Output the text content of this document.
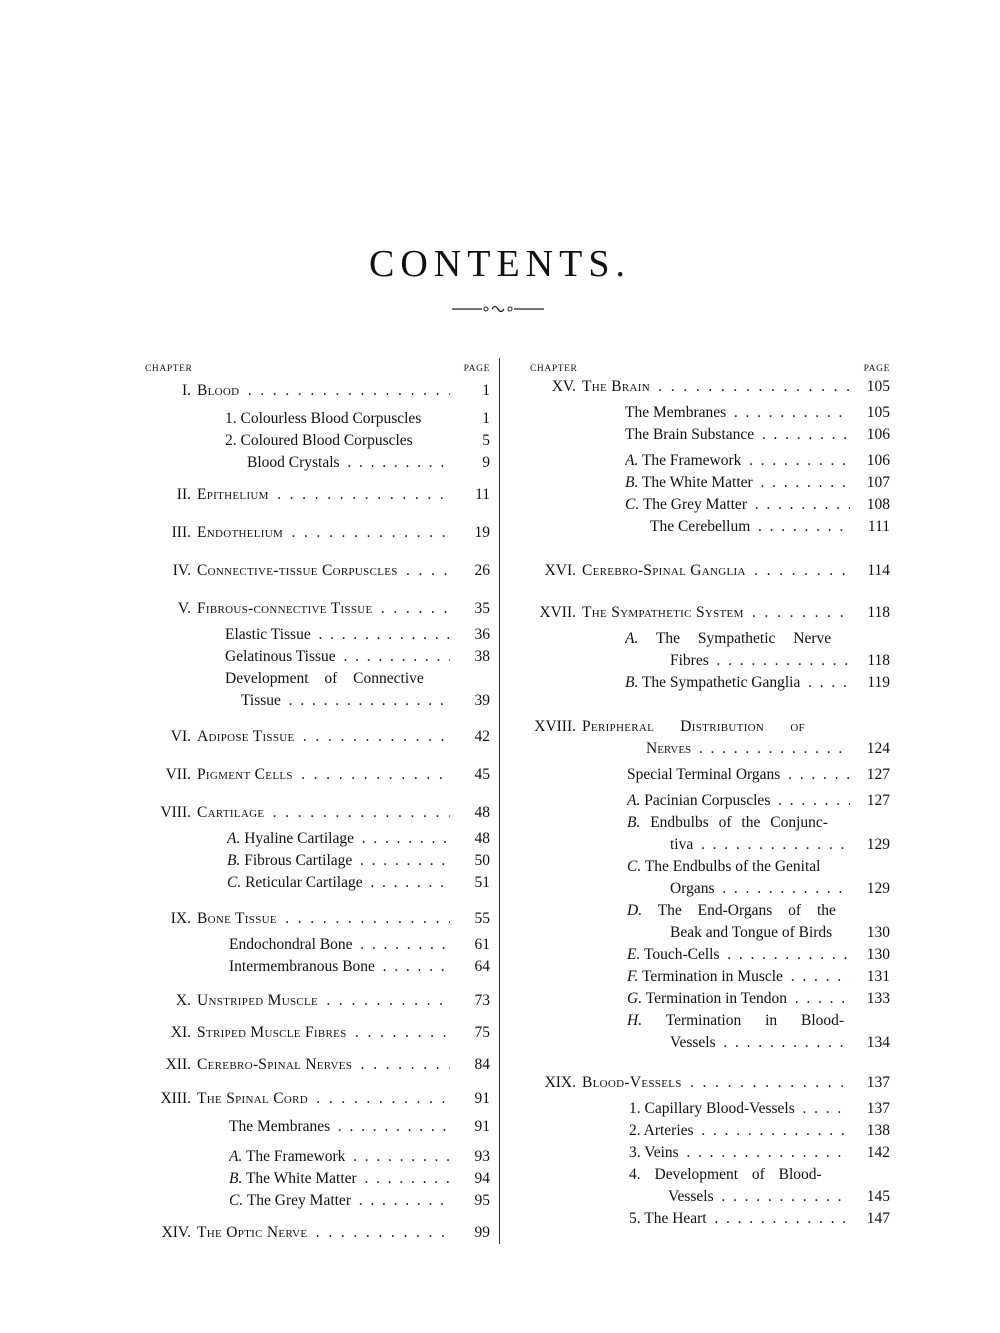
CONTENTS.
CHAPTER	PAGE
I. Blood . .	1
1. Colourless Blood Corpuscles	1
2. Coloured Blood Corpuscles	5
Blood Crystals . .	9
II. Epithelium . .	11
III. Endothelium . .	19
IV. Connective-tissue Corpuscles . .	26
V. Fibrous-connective Tissue . .	35
Elastic Tissue . .	36
Gelatinous Tissue . .	38
Development of Connective
Tissue . .	39
VI. Adipose Tissue . .	42
VII. Pigment Cells . .	45
VIII. Cartilage . .	48
A. Hyaline Cartilage . .	48
B. Fibrous Cartilage . .	50
C. Reticular Cartilage . .	51
IX. Bone Tissue . .	55
Endochondral Bone . .	61
Intermembranous Bone . .	64
X. Unstriped Muscle . .	73
XI. Striped Muscle Fibres . .	75
XII. Cerebro-Spinal Nerves . .	84
XIII. The Spinal Cord . .	91
The Membranes . .	91
A. The Framework . .	93
B. The White Matter . .	94
C. The Grey Matter . .	95
XIV. The Optic Nerve . .	99
CHAPTER	PAGE
XV. The Brain . .	105
The Membranes . .	105
The Brain Substance . .	106
A. The Framework . .	106
B. The White Matter . .	107
C. The Grey Matter . .	108
The Cerebellum . .	111
XVI. Cerebro-Spinal Ganglia . .	114
XVII. The Sympathetic System . .	118
A. The Sympathetic Nerve
Fibres . .	118
B. The Sympathetic Ganglia . .	119
XVIII. Peripheral Distribution of
Nerves . .	124
Special Terminal Organs . .	127
A. Pacinian Corpuscles . .	127
B. Endbulbs of the Conjunc-
tiva . .	129
C. The Endbulbs of the Genital
Organs . .	129
D. The End-Organs of the
Beak and Tongue of Birds	130
E. Touch-Cells . .	130
F. Termination in Muscle . .	131
G. Termination in Tendon . .	133
H. Termination in Blood-
Vessels . .	134
XIX. Blood-Vessels . .	137
1. Capillary Blood-Vessels . .	137
2. Arteries . .	138
3. Veins . .	142
4. Development of Blood-
Vessels . .	145
5. The Heart . .	147
